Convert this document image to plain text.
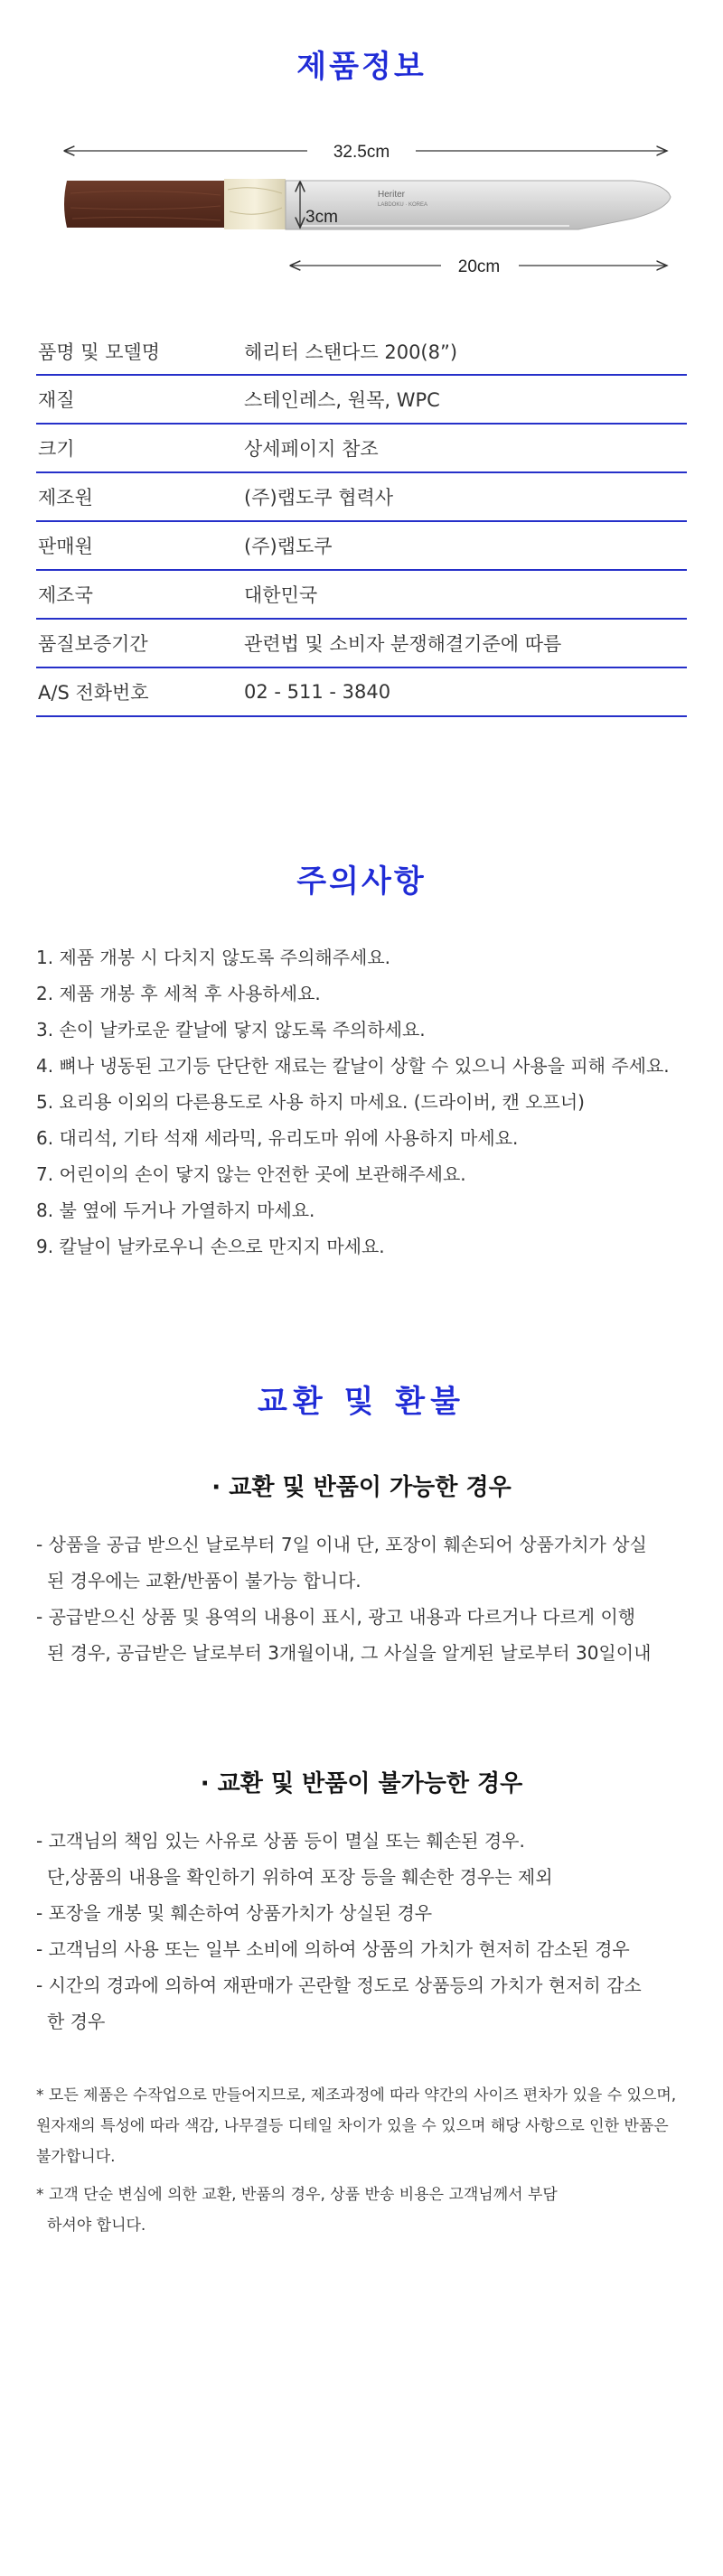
제품정보
32.5cm
Heriter
LABDOKU · KOREA
3cm
20cm
품명 및 모델명	헤리터 스탠다드 200(8”)
재질	스테인레스, 원목, WPC
크기	상세페이지 참조
제조원	(주)랩도쿠 협력사
판매원	(주)랩도쿠
제조국	대한민국
품질보증기간	관련법 및 소비자 분쟁해결기준에 따름
A/S 전화번호	02 - 511 - 3840
주의사항
1. 제품 개봉 시 다치지 않도록 주의해주세요.
2. 제품 개봉 후 세척 후 사용하세요.
3. 손이 날카로운 칼날에 닿지 않도록 주의하세요.
4. 뼈나 냉동된 고기등 단단한 재료는 칼날이 상할 수 있으니 사용을 피해 주세요.
5. 요리용 이외의 다른용도로 사용 하지 마세요. (드라이버, 캔 오프너)
6. 대리석, 기타 석재 세라믹, 유리도마 위에 사용하지 마세요.
7. 어린이의 손이 닿지 않는 안전한 곳에 보관해주세요.
8. 불 옆에 두거나 가열하지 마세요.
9. 칼날이 날카로우니 손으로 만지지 마세요.
교환 및 환불
· 교환 및 반품이 가능한 경우
- 상품을 공급 받으신 날로부터 7일 이내 단, 포장이 훼손되어 상품가치가 상실
된 경우에는 교환/반품이 불가능 합니다.
- 공급받으신 상품 및 용역의 내용이 표시, 광고 내용과 다르거나 다르게 이행
된 경우, 공급받은 날로부터 3개월이내, 그 사실을 알게된 날로부터 30일이내
· 교환 및 반품이 불가능한 경우
- 고객님의 책임 있는 사유로 상품 등이 멸실 또는 훼손된 경우.
단,상품의 내용을 확인하기 위하여 포장 등을 훼손한 경우는 제외
- 포장을 개봉 및 훼손하여 상품가치가 상실된 경우
- 고객님의 사용 또는 일부 소비에 의하여 상품의 가치가 현저히 감소된 경우
- 시간의 경과에 의하여 재판매가 곤란할 정도로 상품등의 가치가 현저히 감소
한 경우
* 모든 제품은 수작업으로 만들어지므로, 제조과정에 따라 약간의 사이즈 편차가 있을 수 있으며,
원자재의 특성에 따라 색감, 나무결등 디테일 차이가 있을 수 있으며 해당 사항으로 인한 반품은
불가합니다.
* 고객 단순 변심에 의한 교환, 반품의 경우, 상품 반송 비용은 고객님께서 부담
하셔야 합니다.
